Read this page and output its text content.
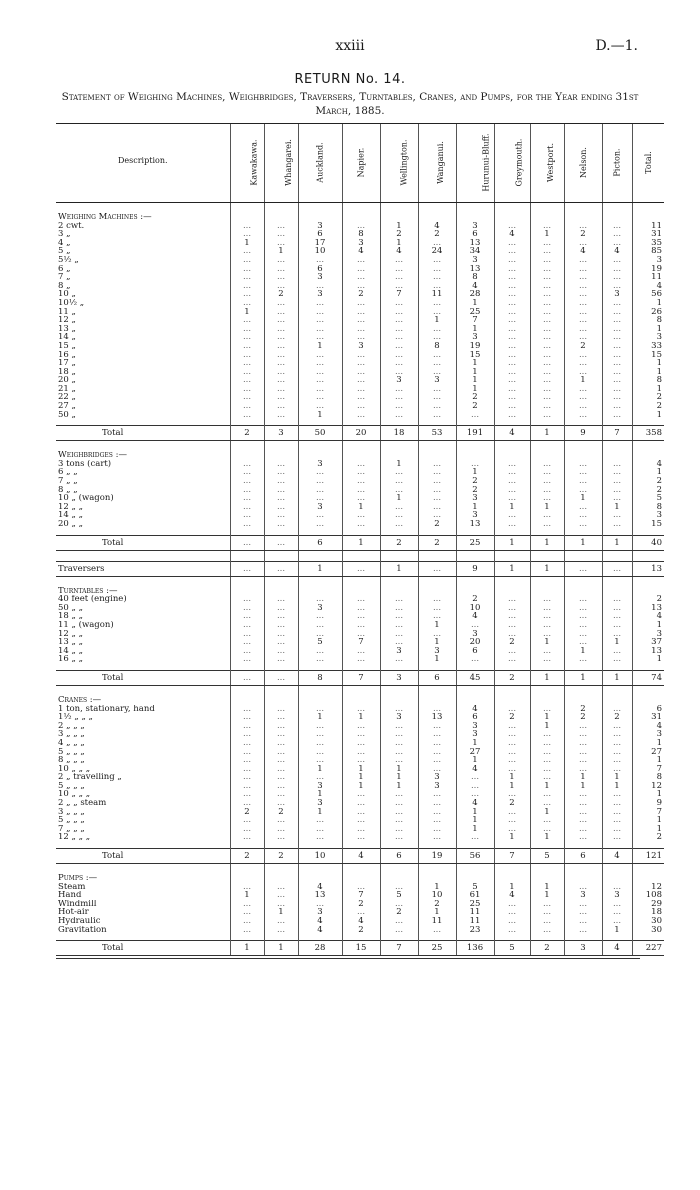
xxiii	D.—1.
RETURN No. 14.
Statement of Weighing Machines, Weighbridges, Traversers, Turntables, Cranes, and Pumps, for the Year ending 31st March, 1885.
Description.	Kawakawa.	Whangarei.	Auckland.	Napier.	Wellington.	Wanganui.	Hurunui-Bluff.	Greymouth.	Westport.	Nelson.	Picton.	Total.

Weighing Machines :—												
2 cwt.	...	...	3	...	1	4	3	...	...	...	...	11
3 „	...	...	6	8	2	2	6	4	1	2	...	31
4 „	1	...	17	3	1	...	13	...	...	...	...	35
5 „	...	1	10	4	4	24	34	...	...	4	4	85
5½ „	...	...	...	...	...	...	3	...	...	...	...	3
6 „	...	...	6	...	...	...	13	...	...	...	...	19
7 „	...	...	3	...	...	...	8	...	...	...	...	11
8 „	...	...	...	...	...	...	4	...	...	...	...	4
10 „	...	2	3	2	7	11	28	...	...	...	3	56
10½ „	...	...	...	...	...	...	1	...	...	...	...	1
11 „	1	...	...	...	...	...	25	...	...	...	...	26
12 „	...	...	...	...	...	1	7	...	...	...	...	8
13 „	...	...	...	...	...	...	1	...	...	...	...	1
14 „	...	...	...	...	...	...	3	...	...	...	...	3
15 „	...	...	1	3	...	8	19	...	...	2	...	33
16 „	...	...	...	...	...	...	15	...	...	...	...	15
17 „	...	...	...	...	...	...	1	...	...	...	...	1
18 „	...	...	...	...	...	...	1	...	...	...	...	1
20 „	...	...	...	...	3	3	1	...	...	1	...	8
21 „	...	...	...	...	...	...	1	...	...	...	...	1
22 „	...	...	...	...	...	...	2	...	...	...	...	2
27 „	...	...	...	...	...	...	2	...	...	...	...	2
50 „	...	...	1	...	...	...	...	...	...	...	...	1

Total	2	3	50	20	18	53	191	4	1	9	7	358

Weighbridges :—												
3 tons (cart)	...	...	3	...	1	...	...	...	...	...	...	4
6 „ „	...	...	...	...	...	...	1	...	...	...	...	1
7 „ „	...	...	...	...	...	...	2	...	...	...	...	2
8 „ „	...	...	...	...	...	...	2	...	...	...	...	2
10 „ (wagon)	...	...	...	...	1	...	3	...	...	1	...	5
12 „ „	...	...	3	1	...	...	1	1	1	...	1	8
14 „ „	...	...	...	...	...	...	3	...	...	...	...	3
20 „ „	...	...	...	...	...	2	13	...	...	...	...	15

Total	...	...	6	1	2	2	25	1	1	1	1	40

Traversers	...	...	1	...	1	...	9	1	1	...	...	13

Turntables :—												
40 feet (engine)	...	...	...	...	...	...	2	...	...	...	...	2
50 „ „	...	...	3	...	...	...	10	...	...	...	...	13
18 „ „	...	...	...	...	...	...	4	...	...	...	...	4
11 „ (wagon)	...	...	...	...	...	1	...	...	...	...	...	1
12 „ „	...	...	...	...	...	...	3	...	...	...	...	3
13 „ „	...	...	5	7	...	1	20	2	1	...	1	37
14 „ „	...	...	...	...	3	3	6	...	...	1	...	13
16 „ „	...	...	...	...	...	1	...	...	...	...	...	1

Total	...	...	8	7	3	6	45	2	1	1	1	74

Cranes :—												
1 ton, stationary, hand	...	...	...	...	...	...	4	...	...	2	...	6
1½ „ „ „	...	...	1	1	3	13	6	2	1	2	2	31
2 „ „ „	...	...	...	...	...	...	3	...	1	...	...	4
3 „ „ „	...	...	...	...	...	...	3	...	...	...	...	3
4 „ „ „	...	...	...	...	...	...	1	...	...	...	...	1
5 „ „ „	...	...	...	...	...	...	27	...	...	...	...	27
8 „ „ „	...	...	...	...	...	...	1	...	...	...	...	1
10 „ „ „	...	...	1	1	1	...	4	...	...	...	...	7
2 „ travelling „	...	...	...	1	1	3	...	1	...	1	1	8
5 „ „ „	...	...	3	1	1	3	...	1	1	1	1	12
10 „ „ „	...	...	1	...	...	...	...	...	...	...	...	1
2 „ „ steam	...	...	3	...	...	...	4	2	...	...	...	9
3 „ „ „	2	2	1	...	...	...	1	...	1	...	...	7
5 „ „ „	...	...	...	...	...	...	1	...	...	...	...	1
7 „ „ „	...	...	...	...	...	...	1	...	...	...	...	1
12 „ „ „	...	...	...	...	...	...	...	1	1	...	...	2

Total	2	2	10	4	6	19	56	7	5	6	4	121

Pumps :—												
Steam	...	...	4	...	...	1	5	1	1	...	...	12
Hand	1	...	13	7	5	10	61	4	1	3	3	108
Windmill	...	...	...	2	...	2	25	...	...	...	...	29
Hot-air	...	1	3	...	2	1	11	...	...	...	...	18
Hydraulic	...	...	4	4	...	11	11	...	...	...	...	30
Gravitation	...	...	4	2	...	...	23	...	...	...	1	30

Total	1	1	28	15	7	25	136	5	2	3	4	227
